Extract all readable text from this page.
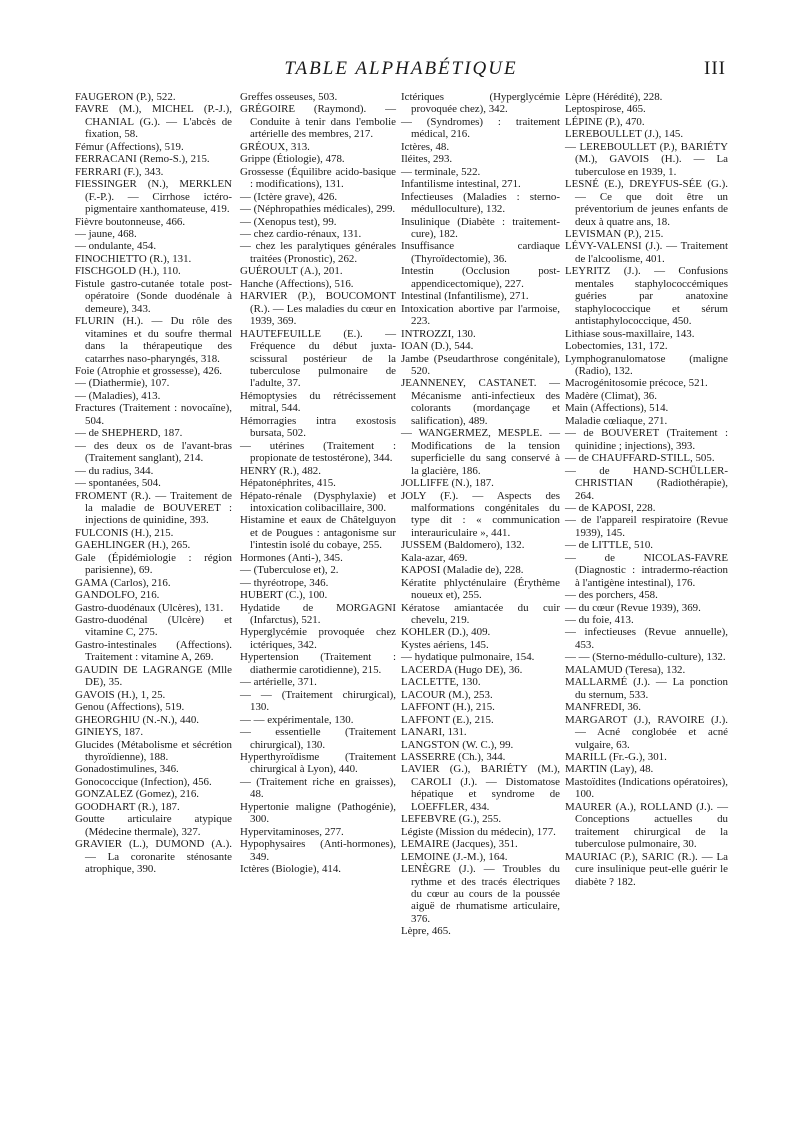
TABLE ALPHABÉTIQUE	III

FAUGERON (P.), 522.

FAVRE (M.), MICHEL (P.-J.), CHANIAL (G.). — L'abcès de fixation, 58.

Fémur (Affections), 519.

FERRACANI (Remo-S.), 215.

FERRARI (F.), 343.

FIESSINGER (N.), MERKLEN (F.-P.). — Cirrhose ictéro-pigmentaire xanthomateuse, 419.

Fièvre boutonneuse, 466.

— jaune, 468.

— ondulante, 454.

FINOCHIETTO (R.), 131.

FISCHGOLD (H.), 110.

Fistule gastro-cutanée totale post-opératoire (Sonde duodénale à demeure), 343.

FLURIN (H.). — Du rôle des vitamines et du soufre thermal dans la thérapeutique des catarrhes naso-pharyngés, 318.

Foie (Atrophie et grossesse), 426.

— (Diathermie), 107.

— (Maladies), 413.

Fractures (Traitement : novocaïne), 504.

— de SHEPHERD, 187.

— des deux os de l'avant-bras (Traitement sanglant), 214.

— du radius, 344.

— spontanées, 504.

FROMENT (R.). — Traitement de la maladie de BOUVERET : injections de quinidine, 393.

FULCONIS (H.), 215.

GAEHLINGER (H.), 265.

Gale (Épidémiologie : région parisienne), 69.

GAMA (Carlos), 216.

GANDOLFO, 216.

Gastro-duodénaux (Ulcères), 131.

Gastro-duodénal (Ulcère) et vitamine C, 275.

Gastro-intestinales (Affections). Traitement : vitamine A, 269.

GAUDIN DE LAGRANGE (Mlle DE), 35.

GAVOIS (H.), 1, 25.

Genou (Affections), 519.

GHEORGHIU (N.-N.), 440.

GINIEYS, 187.

Glucides (Métabolisme et sécrétion thyroïdienne), 188.

Gonadostimulines, 346.

Gonococcique (Infection), 456.

GONZALEZ (Gomez), 216.

GOODHART (R.), 187.

Goutte articulaire atypique (Médecine thermale), 327.

GRAVIER (L.), DUMOND (A.). — La coronarite sténosante atrophique, 390.

Greffes osseuses, 503.

GRÉGOIRE (Raymond). — Conduite à tenir dans l'embolie artérielle des membres, 217.

GRÉOUX, 313.

Grippe (Étiologie), 478.

Grossesse (Équilibre acido-basique : modifications), 131.

— (Ictère grave), 426.

— (Néphropathies médicales), 299.

— (Xenopus test), 99.

— chez cardio-rénaux, 131.

— chez les paralytiques générales traitées (Pronostic), 262.

GUÉROULT (A.), 201.

Hanche (Affections), 516.

HARVIER (P.), BOUCOMONT (R.). — Les maladies du cœur en 1939, 369.

HAUTEFEUILLE (E.). — Fréquence du début juxta-scissural postérieur de la tuberculose pulmonaire de l'adulte, 37.

Hémoptysies du rétrécissement mitral, 544.

Hémorragies intra exostosis bursata, 502.

— utérines (Traitement : propionate de testostérone), 344.

HENRY (R.), 482.

Hépatonéphrites, 415.

Hépato-rénale (Dysphylaxie) et intoxication colibacillaire, 300.

Histamine et eaux de Châtelguyon et de Pougues : antagonisme sur l'intestin isolé du cobaye, 255.

Hormones (Anti-), 345.

— (Tuberculose et), 2.

— thyréotrope, 346.

HUBERT (C.), 100.

Hydatide de MORGAGNI (Infarctus), 521.

Hyperglycémie provoquée chez ictériques, 342.

Hypertension (Traitement : diathermie carotidienne), 215.

— artérielle, 371.

— — (Traitement chirurgical), 130.

— — expérimentale, 130.

— essentielle (Traitement chirurgical), 130.

Hyperthyroïdisme (Traitement chirurgical à Lyon), 440.

— (Traitement riche en graisses), 48.

Hypertonie maligne (Pathogénie), 300.

Hypervitaminoses, 277.

Hypophysaires (Anti-hormones), 349.

Ictères (Biologie), 414.

Ictériques (Hyperglycémie provoquée chez), 342.

— (Syndromes) : traitement médical, 216.

Ictères, 48.

Iléites, 293.

— terminale, 522.

Infantilisme intestinal, 271.

Infectieuses (Maladies : sterno-médulloculture), 132.

Insulinique (Diabète : traitement-cure), 182.

Insuffisance cardiaque (Thyroïdectomie), 36.

Intestin (Occlusion post-appendicectomique), 227.

Intestinal (Infantilisme), 271.

Intoxication abortive par l'armoise, 223.

INTROZZI, 130.

IOAN (D.), 544.

Jambe (Pseudarthrose congénitale), 520.

JEANNENEY, CASTANET. — Mécanisme anti-infectieux des colorants (mordançage et salification), 489.

— WANGERMEZ, MESPLE. — Modifications de la tension superficielle du sang conservé à la glacière, 186.

JOLLIFFE (N.), 187.

JOLY (F.). — Aspects des malformations congénitales du type dit : « communication interauriculaire », 441.

JUSSEM (Baldomero), 132.

Kala-azar, 469.

KAPOSI (Maladie de), 228.

Kératite phlycténulaire (Érythème noueux et), 255.

Kératose amiantacée du cuir chevelu, 219.

KOHLER (D.), 409.

Kystes aériens, 145.

— hydatique pulmonaire, 154.

LACERDA (Hugo DE), 36.

LACLETTE, 130.

LACOUR (M.), 253.

LAFFONT (H.), 215.

LAFFONT (E.), 215.

LANARI, 131.

LANGSTON (W. C.), 99.

LASSERRE (Ch.), 344.

LAVIER (G.), BARIÉTY (M.), CAROLI (J.). — Distomatose hépatique et syndrome de LOEFFLER, 434.

LEFEBVRE (G.), 255.

Légiste (Mission du médecin), 177.

LEMAIRE (Jacques), 351.

LEMOINE (J.-M.), 164.

LENÈGRE (J.). — Troubles du rythme et des tracés électriques du cœur au cours de la poussée aiguë de rhumatisme articulaire, 376.

Lèpre, 465.

Lèpre (Hérédité), 228.

Leptospirose, 465.

LÉPINE (P.), 470.

LEREBOULLET (J.), 145.

— LEREBOULLET (P.), BARIÉTY (M.), GAVOIS (H.). — La tuberculose en 1939, 1.

LESNÉ (E.), DREYFUS-SÉE (G.). — Ce que doit être un préventorium de jeunes enfants de deux à quatre ans, 18.

LEVISMAN (P.), 215.

LÉVY-VALENSI (J.). — Traitement de l'alcoolisme, 401.

LEYRITZ (J.). — Confusions mentales staphylococcémiques guéries par anatoxine staphylococcique et sérum antistaphylococcique, 450.

Lithiase sous-maxillaire, 143.

Lobectomies, 131, 172.

Lymphogranulomatose (maligne (Radio), 132.

Macrogénitosomie précoce, 521.

Madère (Climat), 36.

Main (Affections), 514.

Maladie cœliaque, 271.

— de BOUVERET (Traitement : quinidine ; injections), 393.

— de CHAUFFARD-STILL, 505.

— de HAND-SCHÜLLER-CHRISTIAN (Radiothérapie), 264.

— de KAPOSI, 228.

— de l'appareil respiratoire (Revue 1939), 145.

— de LITTLE, 510.

— de NICOLAS-FAVRE (Diagnostic : intradermo-réaction à l'antigène intestinal), 176.

— des porchers, 458.

— du cœur (Revue 1939), 369.

— du foie, 413.

— infectieuses (Revue annuelle), 453.

— — (Sterno-médullo-culture), 132.

MALAMUD (Teresa), 132.

MALLARMÉ (J.). — La ponction du sternum, 533.

MANFREDI, 36.

MARGAROT (J.), RAVOIRE (J.). — Acné conglobée et acné vulgaire, 63.

MARILL (Fr.-G.), 301.

MARTIN (Lay), 48.

Mastoïdites (Indications opératoires), 100.

MAURER (A.), ROLLAND (J.). — Conceptions actuelles du traitement chirurgical de la tuberculose pulmonaire, 30.

MAURIAC (P.), SARIC (R.). — La cure insulinique peut-elle guérir le diabète ? 182.
